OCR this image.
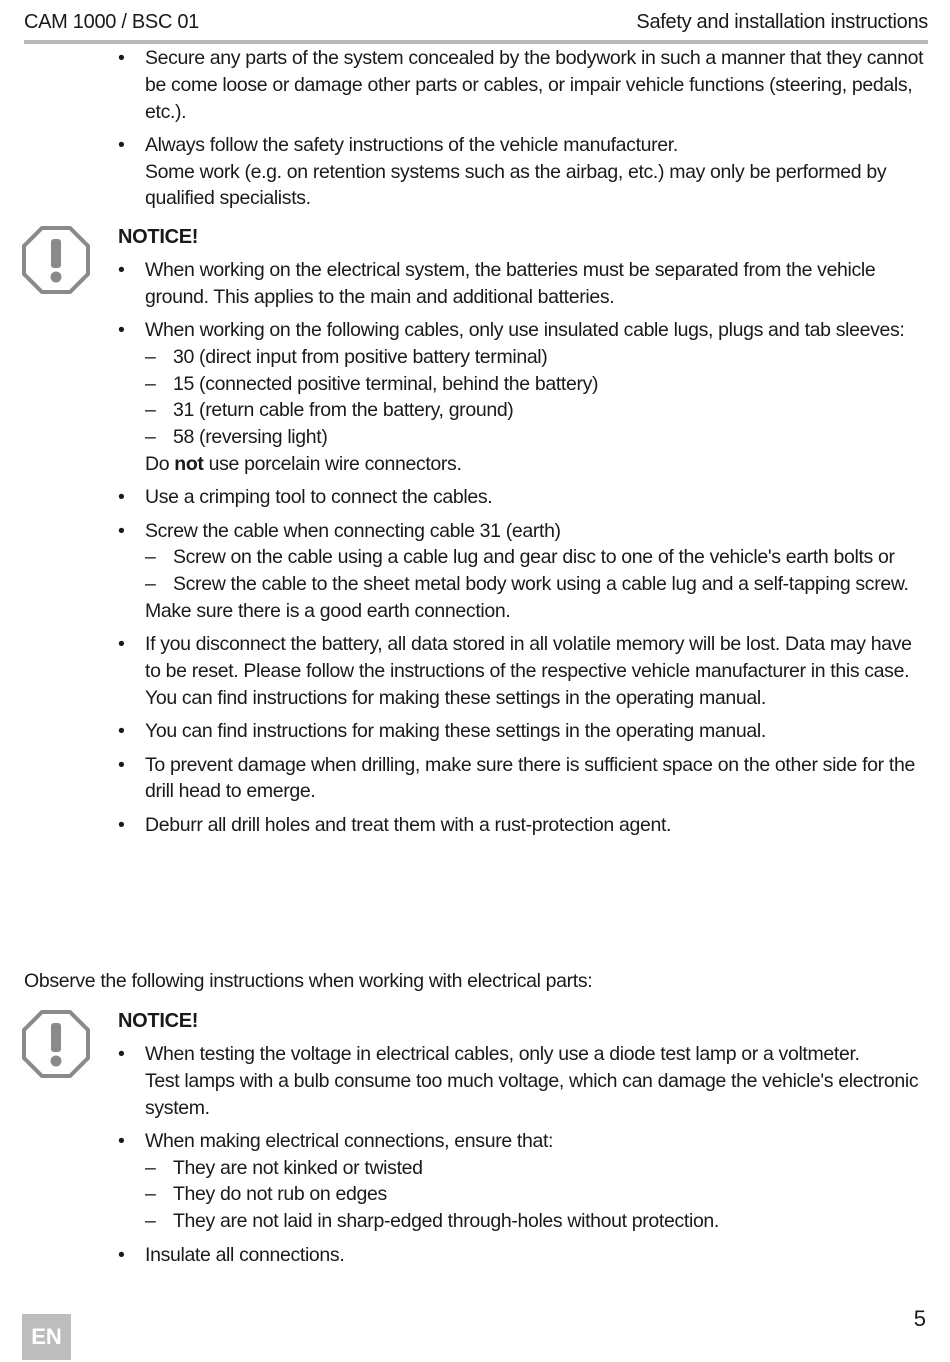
CAM 1000 / BSC 01	Safety and installation instructions
• Secure any parts of the system concealed by the bodywork in such a manner that they cannot be come loose or damage other parts or cables, or impair vehicle functions (steering, pedals, etc.).
• Always follow the safety instructions of the vehicle manufacturer.
Some work (e.g. on retention systems such as the airbag, etc.) may only be performed by qualified specialists.
NOTICE!
• When working on the electrical system, the batteries must be separated from the vehicle ground. This applies to the main and additional batteries.
• When working on the following cables, only use insulated cable lugs, plugs and tab sleeves:
– 30 (direct input from positive battery terminal)
– 15 (connected positive terminal, behind the battery)
– 31 (return cable from the battery, ground)
– 58 (reversing light)
Do not use porcelain wire connectors.
• Use a crimping tool to connect the cables.
• Screw the cable when connecting cable 31 (earth)
– Screw on the cable using a cable lug and gear disc to one of the vehicle's earth bolts or
– Screw the cable to the sheet metal body work using a cable lug and a self-tapping screw.
Make sure there is a good earth connection.
• If you disconnect the battery, all data stored in all volatile memory will be lost. Data may have to be reset. Please follow the instructions of the respective vehicle manufacturer in this case. You can find instructions for making these settings in the operating manual.
• You can find instructions for making these settings in the operating manual.
• To prevent damage when drilling, make sure there is sufficient space on the other side for the drill head to emerge.
• Deburr all drill holes and treat them with a rust-protection agent.
Observe the following instructions when working with electrical parts:
NOTICE!
• When testing the voltage in electrical cables, only use a diode test lamp or a voltmeter.
Test lamps with a bulb consume too much voltage, which can damage the vehicle's electronic system.
• When making electrical connections, ensure that:
– They are not kinked or twisted
– They do not rub on edges
– They are not laid in sharp-edged through-holes without protection.
• Insulate all connections.
EN
5
